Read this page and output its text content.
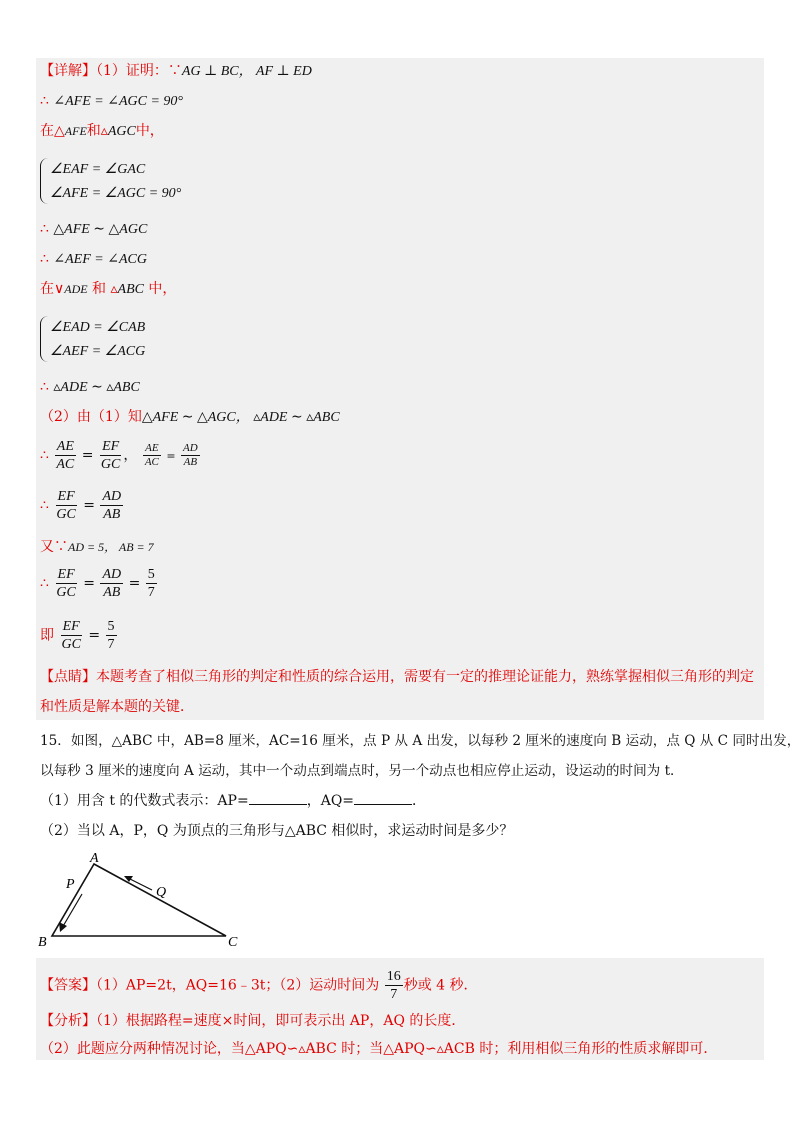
【详解】（1）证明：∵AG ⊥ BC， AF ⊥ ED
∴ ∠AFE = ∠AGC = 90°
在△AFE和▵AGC中，
∠EAF = ∠GAC
∠AFE = ∠AGC = 90°
∴ △AFE ∼ △AGC
∴ ∠AEF = ∠ACG
在∨ADE 和 ▵ABC 中，
∠EAD = ∠CAB
∠AEF = ∠ACG
∴ ▵ADE ∼ ▵ABC
（2）由（1）知△AFE ∼ △AGC， ▵ADE ∼ ▵ABC
∴ $\frac{AE}{AC} = \frac{EF}{GC}$ ， $\frac{AE}{AC} = \frac{AD}{AB}$
∴ $\frac{EF}{GC} = \frac{AD}{AB}$
又∵AD = 5， AB = 7
∴ $\frac{EF}{GC} = \frac{AD}{AB} = \frac{5}{7}$
即 $\frac{EF}{GC} = \frac{5}{7}$
【点睛】本题考查了相似三角形的判定和性质的综合运用，需要有一定的推理论证能力，熟练掌握相似三角形的判定
和性质是解本题的关键．
15．如图，△ABC 中，AB=8 厘米，AC=16 厘米，点 P 从 A 出发，以每秒 2 厘米的速度向 B 运动，点 Q 从 C 同时出发，
以每秒 3 厘米的速度向 A 运动，其中一个动点到端点时，另一个动点也相应停止运动，设运动的时间为 t．
（1）用含 t 的代数式表示：AP=	，AQ=	．
（2）当以 A，P，Q 为顶点的三角形与△ABC 相似时，求运动时间是多少？
A
B	C
P
Q
【答案】（1）AP=2t，AQ=16﹣3t；（2）运动时间为 $\frac{16}{7}$ 秒或 4 秒．
【分析】（1）根据路程=速度×时间，即可表示出 AP，AQ 的长度．
（2）此题应分两种情况讨论，当△APQ∽▵ABC 时；当△APQ∽▵ACB 时；利用相似三角形的性质求解即可．
